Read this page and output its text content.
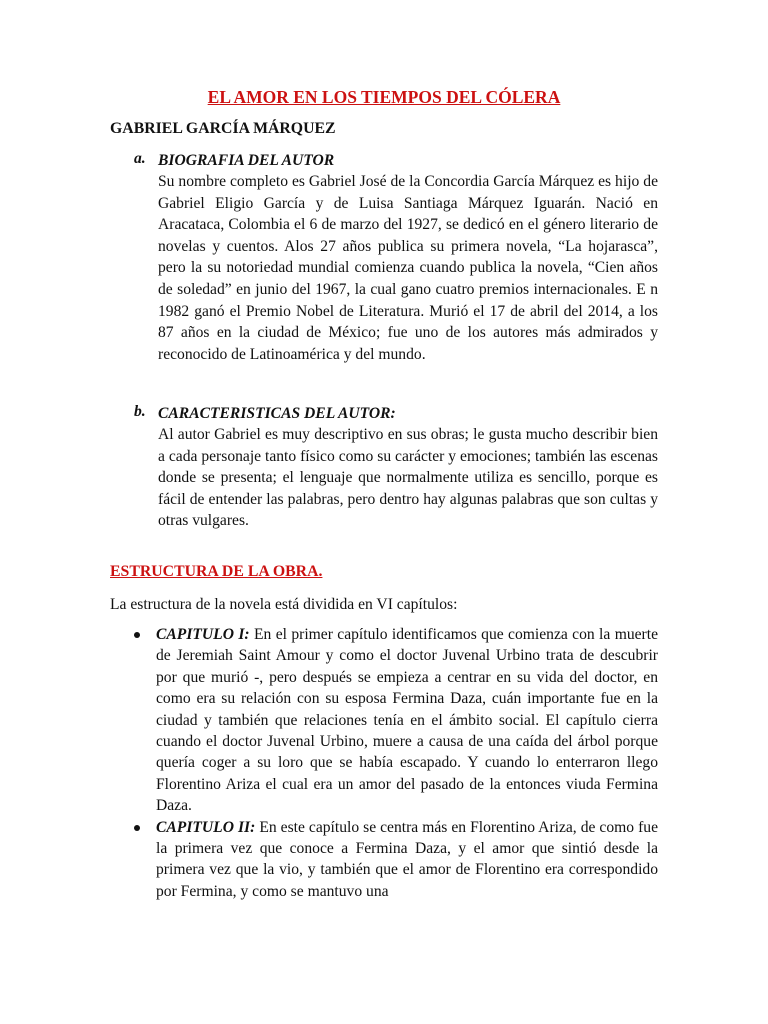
EL AMOR EN LOS TIEMPOS DEL CÓLERA
GABRIEL GARCÍA MÁRQUEZ
a. BIOGRAFIA DEL AUTOR

Su nombre completo es Gabriel José de la Concordia García Márquez es hijo de Gabriel Eligio García y de Luisa Santiaga Márquez Iguarán. Nació en Aracataca, Colombia el 6 de marzo del 1927, se dedicó en el género literario de novelas y cuentos. Alos 27 años publica su primera novela, “La hojarasca”, pero la su notoriedad mundial comienza cuando publica la novela, “Cien años de soledad” en junio del 1967, la cual gano cuatro premios internacionales. E n 1982 ganó el Premio Nobel de Literatura. Murió el 17 de abril del 2014, a los 87 años en la ciudad de México; fue uno de los autores más admirados y reconocido de Latinoamérica y del mundo.

b. CARACTERISTICAS DEL AUTOR:

Al autor Gabriel es muy descriptivo en sus obras; le gusta mucho describir bien a cada personaje tanto físico como su carácter y emociones; también las escenas donde se presenta; el lenguaje que normalmente utiliza es sencillo, porque es fácil de entender las palabras, pero dentro hay algunas palabras que son cultas y otras vulgares.

ESTRUCTURA DE LA OBRA.
La estructura de la novela está dividida en VI capítulos:
CAPITULO I: En el primer capítulo identificamos que comienza con la muerte de Jeremiah Saint Amour y como el doctor Juvenal Urbino trata de descubrir por que murió -, pero después se empieza a centrar en su vida del doctor, en como era su relación con su esposa Fermina Daza, cuán importante fue en la ciudad y también que relaciones tenía en el ámbito social. El capítulo cierra cuando el doctor Juvenal Urbino, muere a causa de una caída del árbol porque quería coger a su loro que se había escapado. Y cuando lo enterraron llego Florentino Ariza el cual era un amor del pasado de la entonces viuda Fermina Daza.
CAPITULO II: En este capítulo se centra más en Florentino Ariza, de como fue la primera vez que conoce a Fermina Daza, y el amor que sintió desde la primera vez que la vio, y también que el amor de Florentino era correspondido por Fermina, y como se mantuvo una
